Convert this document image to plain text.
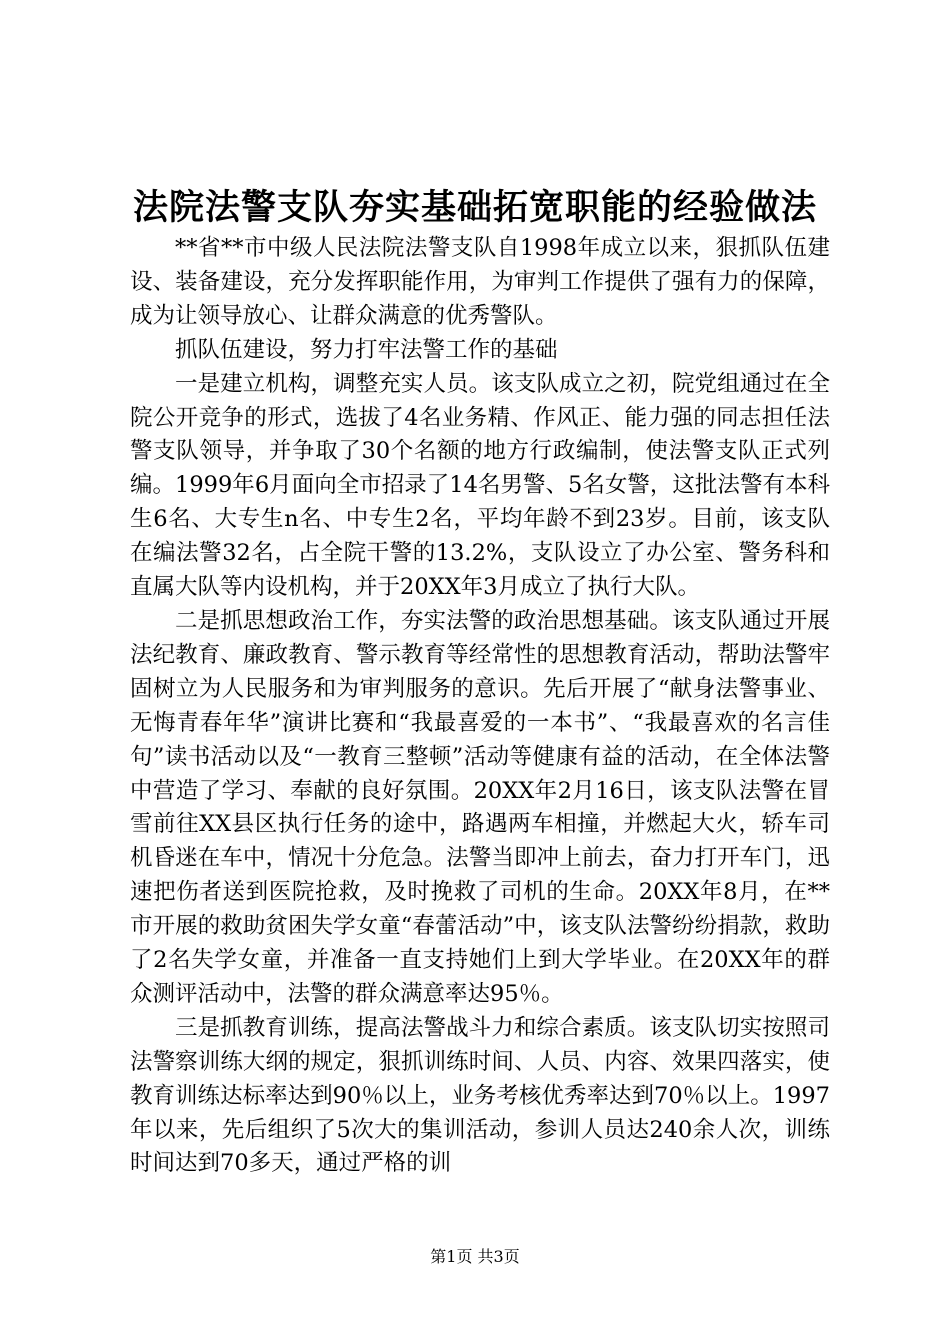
法院法警支队夯实基础拓宽职能的经验做法

**省**市中级人民法院法警支队自1998年成立以来，狠抓队伍建设、装备建设，充分发挥职能作用，为审判工作提供了强有力的保障，成为让领导放心、让群众满意的优秀警队。

抓队伍建设，努力打牢法警工作的基础

一是建立机构，调整充实人员。该支队成立之初，院党组通过在全院公开竞争的形式，选拔了4名业务精、作风正、能力强的同志担任法警支队领导，并争取了30个名额的地方行政编制，使法警支队正式列编。1999年6月面向全市招录了14名男警、5名女警，这批法警有本科生6名、大专生n名、中专生2名，平均年龄不到23岁。目前，该支队在编法警32名，占全院干警的13.2%，支队设立了办公室、警务科和直属大队等内设机构，并于20XX年3月成立了执行大队。

二是抓思想政治工作，夯实法警的政治思想基础。该支队通过开展法纪教育、廉政教育、警示教育等经常性的思想教育活动，帮助法警牢固树立为人民服务和为审判服务的意识。先后开展了“献身法警事业、无悔青春年华”演讲比赛和“我最喜爱的一本书”、“我最喜欢的名言佳句”读书活动以及“一教育三整顿”活动等健康有益的活动，在全体法警中营造了学习、奉献的良好氛围。20XX年2月16日，该支队法警在冒雪前往XX县区执行任务的途中，路遇两车相撞，并燃起大火，轿车司机昏迷在车中，情况十分危急。法警当即冲上前去，奋力打开车门，迅速把伤者送到医院抢救，及时挽救了司机的生命。20XX年8月，在**市开展的救助贫困失学女童“春蕾活动”中，该支队法警纷纷捐款，救助了2名失学女童，并准备一直支持她们上到大学毕业。在20XX年的群众测评活动中，法警的群众满意率达95％。

三是抓教育训练，提高法警战斗力和综合素质。该支队切实按照司法警察训练大纲的规定，狠抓训练时间、人员、内容、效果四落实，使教育训练达标率达到90％以上，业务考核优秀率达到70％以上。1997年以来，先后组织了5次大的集训活动，参训人员达240余人次，训练时间达到70多天，通过严格的训

第1页 共3页
